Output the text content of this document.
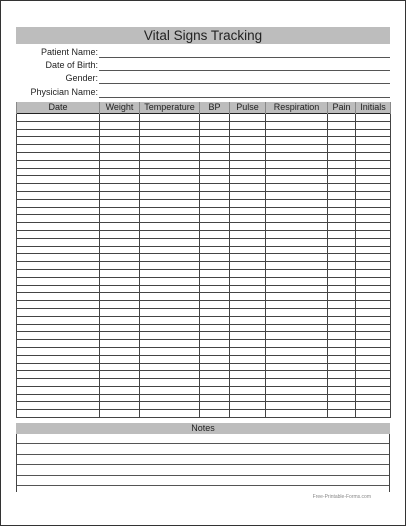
Vital Signs Tracking
Patient Name:
Date of Birth:
Gender:
Physician Name:
Date	Weight	Temperature	BP	Pulse	Respiration	Pain	Initials

Notes
Free-Printable-Forms.com
